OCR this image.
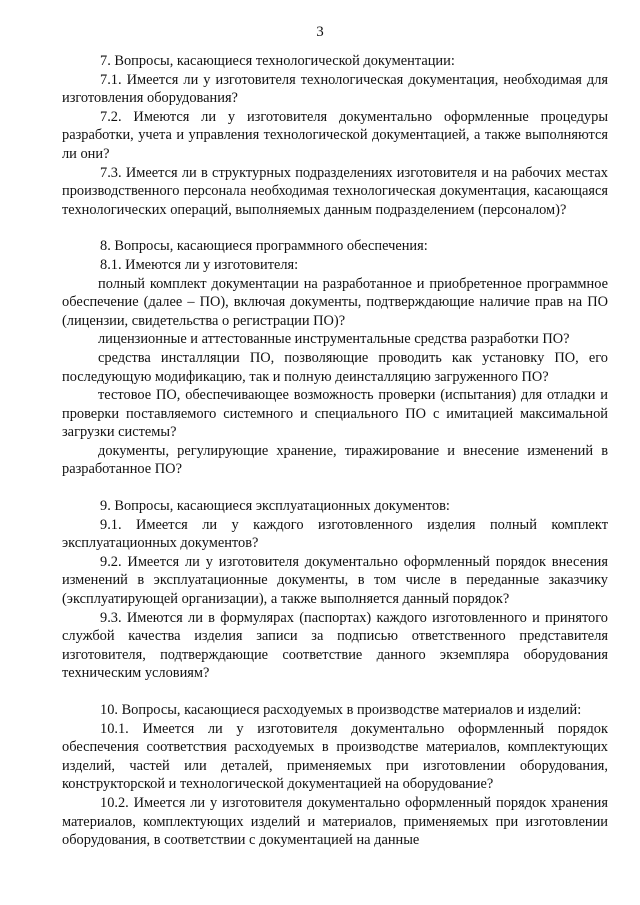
3

7. Вопросы, касающиеся технологической документации:

7.1. Имеется ли у изготовителя технологическая документация, необходимая для изготовления оборудования?

7.2. Имеются ли у изготовителя документально оформленные процедуры разработки, учета и управления технологической документацией, а также выполняются ли они?

7.3. Имеется ли в структурных подразделениях изготовителя и на рабочих местах производственного персонала необходимая технологическая документация, касающаяся технологических операций, выполняемых данным подразделением (персоналом)?

8. Вопросы, касающиеся программного обеспечения:

8.1. Имеются ли у изготовителя:

полный комплект документации на разработанное и приобретенное программное обеспечение (далее – ПО), включая документы, подтверждающие наличие прав на ПО (лицензии, свидетельства о регистрации ПО)?

лицензионные и аттестованные инструментальные средства разработки ПО?

средства инсталляции ПО, позволяющие проводить как установку ПО, его последующую модификацию, так и полную деинсталляцию загруженного ПО?

тестовое ПО, обеспечивающее возможность проверки (испытания) для отладки и проверки поставляемого системного и специального ПО с имитацией максимальной загрузки системы?

документы, регулирующие хранение, тиражирование и внесение изменений в разработанное ПО?

9. Вопросы, касающиеся эксплуатационных документов:

9.1. Имеется ли у каждого изготовленного изделия полный комплект эксплуатационных документов?

9.2. Имеется ли у изготовителя документально оформленный порядок внесения изменений в эксплуатационные документы, в том числе в переданные заказчику (эксплуатирующей организации), а также выполняется данный порядок?

9.3. Имеются ли в формулярах (паспортах) каждого изготовленного и принятого службой качества изделия записи за подписью ответственного представителя изготовителя, подтверждающие соответствие данного экземпляра оборудования техническим условиям?

10. Вопросы, касающиеся расходуемых в производстве материалов и изделий:

10.1. Имеется ли у изготовителя документально оформленный порядок обеспечения соответствия расходуемых в производстве материалов, комплектующих изделий, частей или деталей, применяемых при изготовлении оборудования, конструкторской и технологической документацией на оборудование?

10.2. Имеется ли у изготовителя документально оформленный порядок хранения материалов, комплектующих изделий и материалов, применяемых при изготовлении оборудования, в соответствии с документацией на данные
